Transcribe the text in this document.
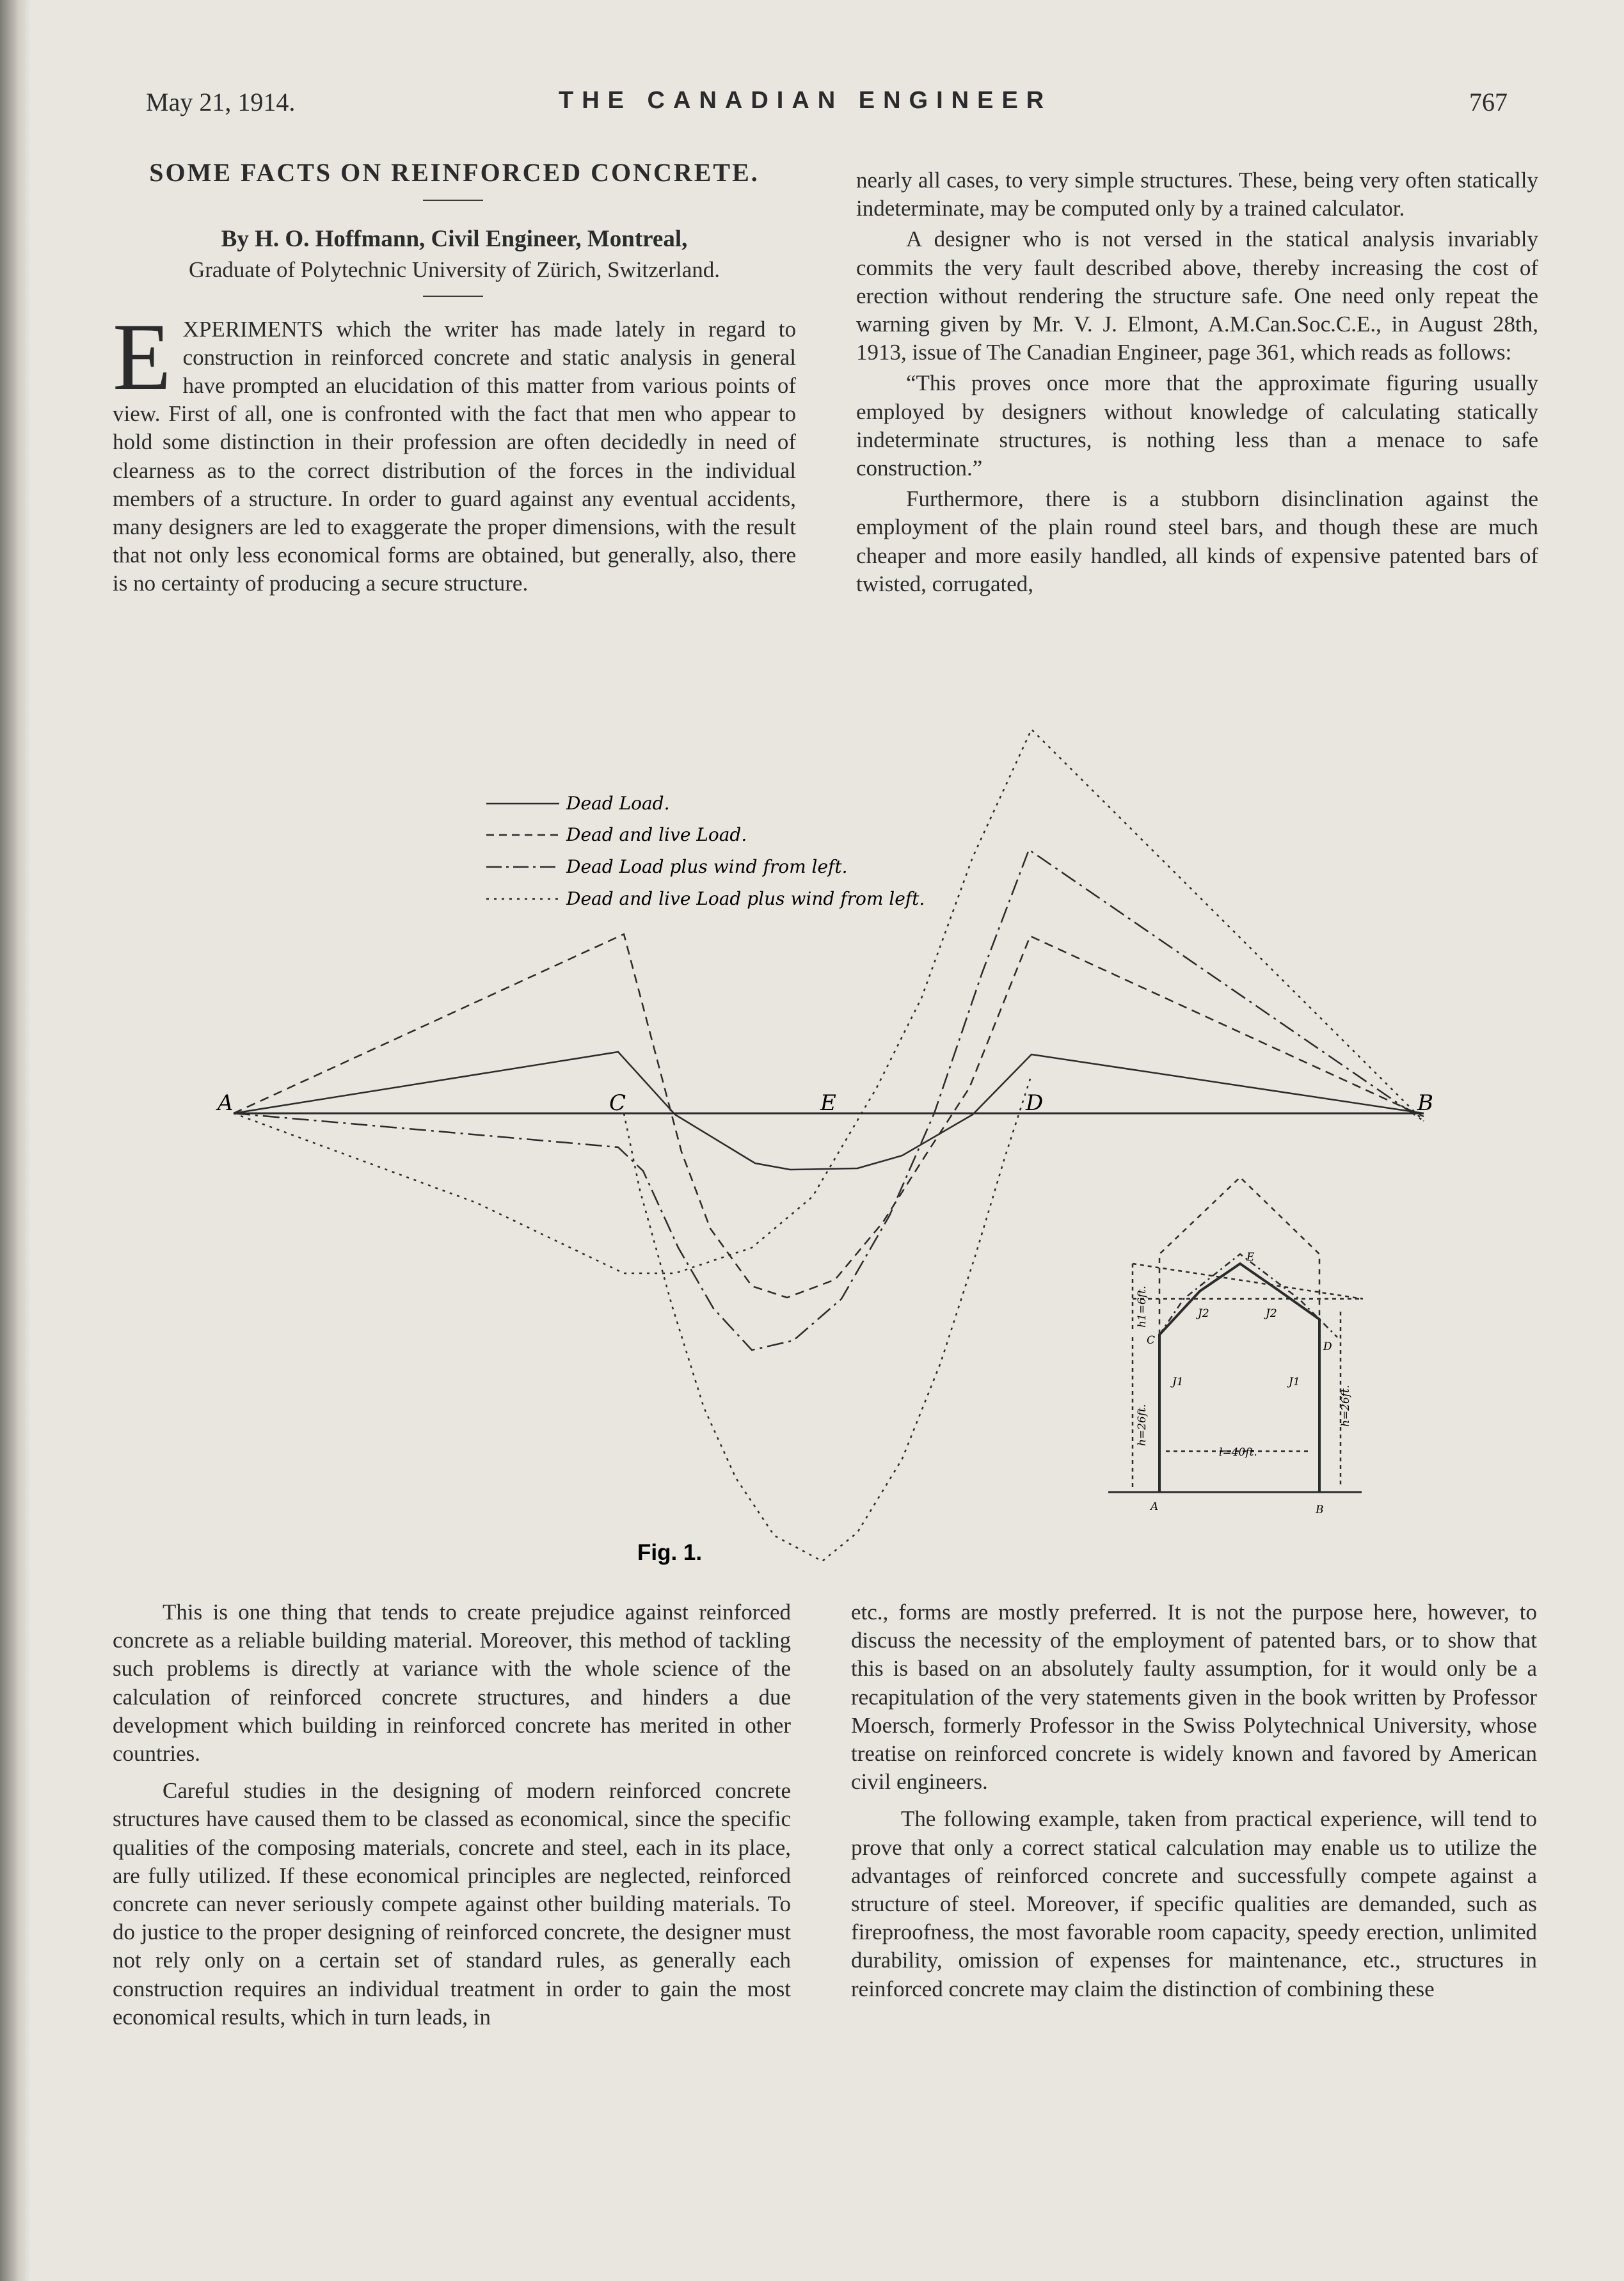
May 21, 1914.	THE CANADIAN ENGINEER	767
SOME FACTS ON REINFORCED CONCRETE.
By H. O. Hoffmann, Civil Engineer, Montreal,
Graduate of Polytechnic University of Zürich, Switzerland.

EXPERIMENTS which the writer has made lately in regard to construction in reinforced concrete and static analysis in general have prompted an elucidation of this matter from various points of view. First of all, one is confronted with the fact that men who appear to hold some distinction in their profession are often decidedly in need of clearness as to the correct distribution of the forces in the individual members of a structure. In order to guard against any eventual accidents, many designers are led to exaggerate the proper dimensions, with the result that not only less economical forms are obtained, but generally, also, there is no certainty of producing a secure structure.

nearly all cases, to very simple structures. These, being very often statically indeterminate, may be computed only by a trained calculator.

A designer who is not versed in the statical analysis invariably commits the very fault described above, thereby increasing the cost of erection without rendering the structure safe. One need only repeat the warning given by Mr. V. J. Elmont, A.M.Can.Soc.C.E., in August 28th, 1913, issue of The Canadian Engineer, page 361, which reads as follows:

“This proves once more that the approximate figuring usually employed by designers without knowledge of calculating statically indeterminate structures, is nothing less than a menace to safe construction.”

Furthermore, there is a stubborn disinclination against the employment of the plain round steel bars, and though these are much cheaper and more easily handled, all kinds of expensive patented bars of twisted, corrugated,

Dead Load.
Dead and live Load.
Dead Load plus wind from left.
Dead and live Load plus wind from left.
A	C	E	D	B
A	B
C	D
E
J1
J2	J2
J1
h1=6ft.
h=26ft.	h=26ft.
l=40ft.
Fig. 1.

This is one thing that tends to create prejudice against reinforced concrete as a reliable building material. Moreover, this method of tackling such problems is directly at variance with the whole science of the calculation of reinforced concrete structures, and hinders a due development which building in reinforced concrete has merited in other countries.

Careful studies in the designing of modern reinforced concrete structures have caused them to be classed as economical, since the specific qualities of the composing materials, concrete and steel, each in its place, are fully utilized. If these economical principles are neglected, reinforced concrete can never seriously compete against other building materials. To do justice to the proper designing of reinforced concrete, the designer must not rely only on a certain set of standard rules, as generally each construction requires an individual treatment in order to gain the most economical results, which in turn leads, in

etc., forms are mostly preferred. It is not the purpose here, however, to discuss the necessity of the employment of patented bars, or to show that this is based on an absolutely faulty assumption, for it would only be a recapitulation of the very statements given in the book written by Professor Moersch, formerly Professor in the Swiss Polytechnical University, whose treatise on reinforced concrete is widely known and favored by American civil engineers.

The following example, taken from practical experience, will tend to prove that only a correct statical calculation may enable us to utilize the advantages of reinforced concrete and successfully compete against a structure of steel. Moreover, if specific qualities are demanded, such as fireproofness, the most favorable room capacity, speedy erection, unlimited durability, omission of expenses for maintenance, etc., structures in reinforced concrete may claim the distinction of combining these
